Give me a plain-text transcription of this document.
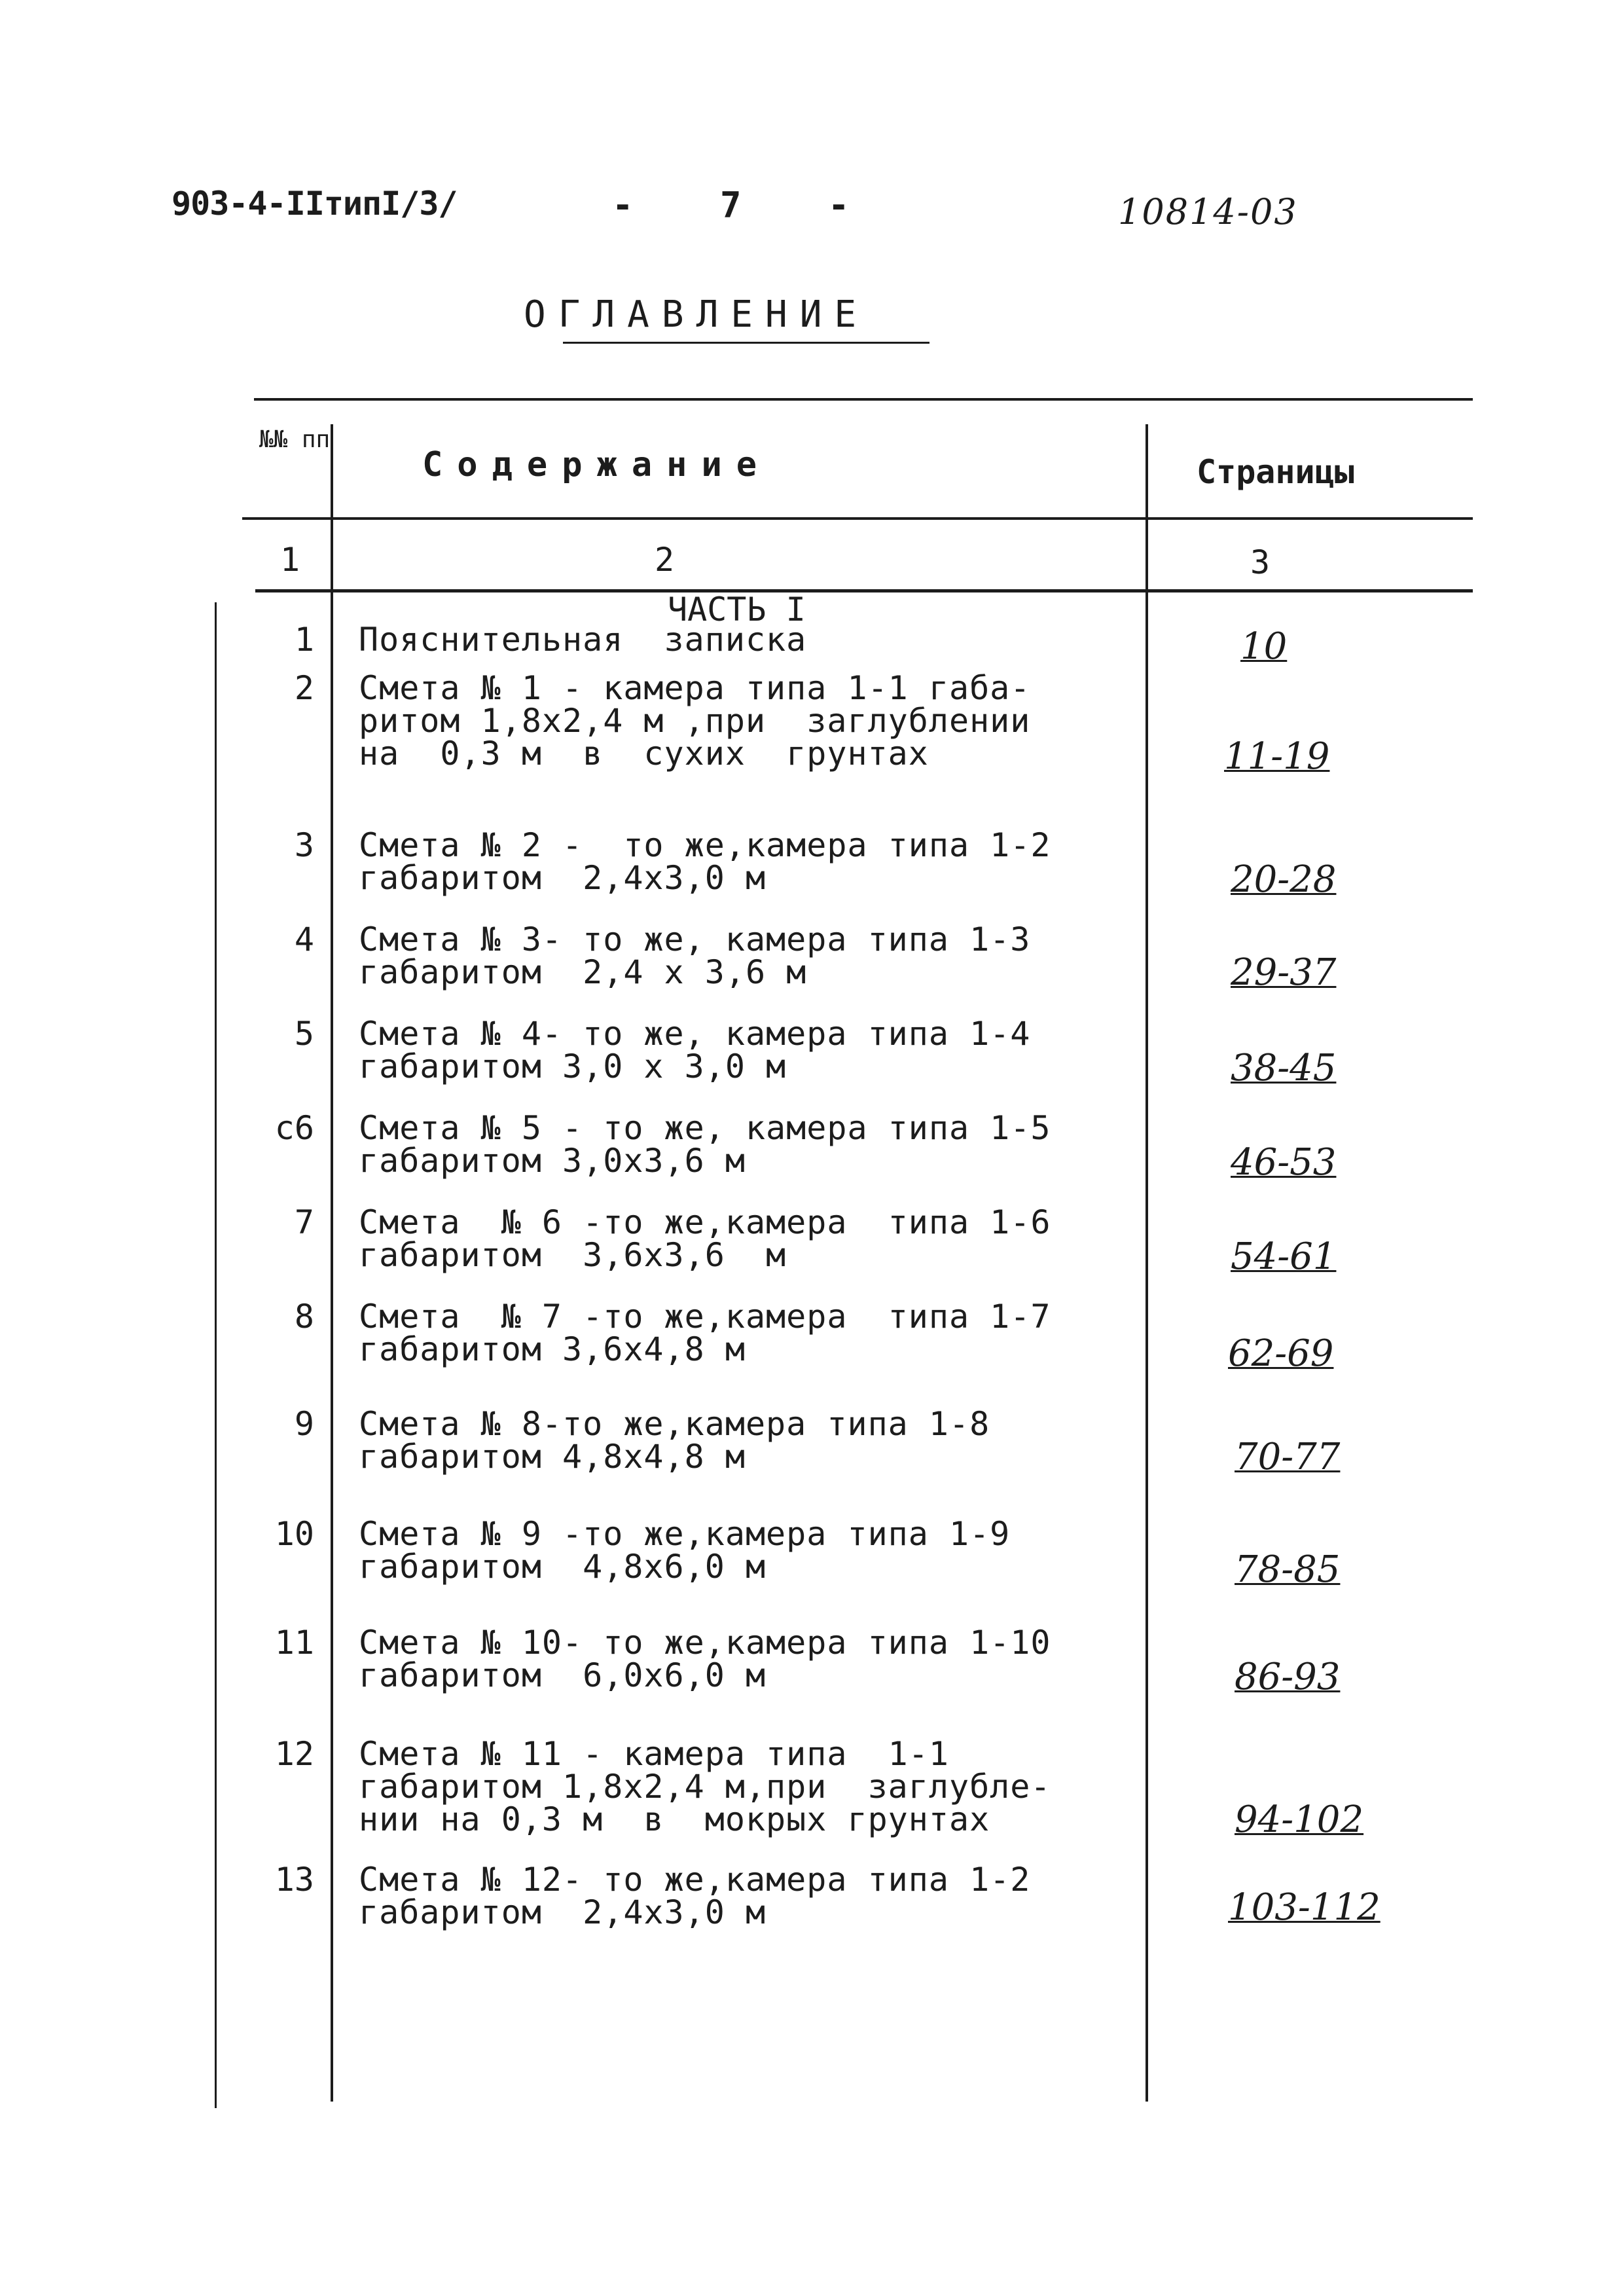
903-4-IIтипI/3/	- 7 -	10814-03
ОГЛАВЛЕНИЕ
№№ пп
Содержание	Страницы
1	2	3
ЧАСТЬ I
1 Пояснительная  записка	10
2 Смета № 1 - камера типа 1-1 габа-
ритом 1,8х2,4 м ,при  заглублении
на  0,3 м  в  сухих  грунтах	11-19
3 Смета № 2 -  то же,камера типа 1-2
габаритом  2,4х3,0 м	20-28
4 Смета № 3- то же, камера типа 1-3
габаритом  2,4 х 3,6 м	29-37
5 Смета № 4- то же, камера типа 1-4
габаритом 3,0 х 3,0 м	38-45
с6 Смета № 5 - то же, камера типа 1-5
габаритом 3,0х3,6 м	46-53
7 Смета  № 6 -то же,камера  типа 1-6
габаритом  3,6х3,6  м	54-61
8 Смета  № 7 -то же,камера  типа 1-7
габаритом 3,6х4,8 м	62-69
9 Смета № 8-то же,камера типа 1-8
габаритом 4,8х4,8 м	70-77
10 Смета № 9 -то же,камера типа 1-9
габаритом  4,8х6,0 м	78-85
11 Смета № 10- то же,камера типа 1-10
габаритом  6,0х6,0 м	86-93
12 Смета № 11 - камера типа  1-1
габаритом 1,8х2,4 м,при  заглубле-
нии на 0,3 м  в  мокрых грунтах	94-102
13 Смета № 12- то же,камера типа 1-2
габаритом  2,4х3,0 м	103-112
